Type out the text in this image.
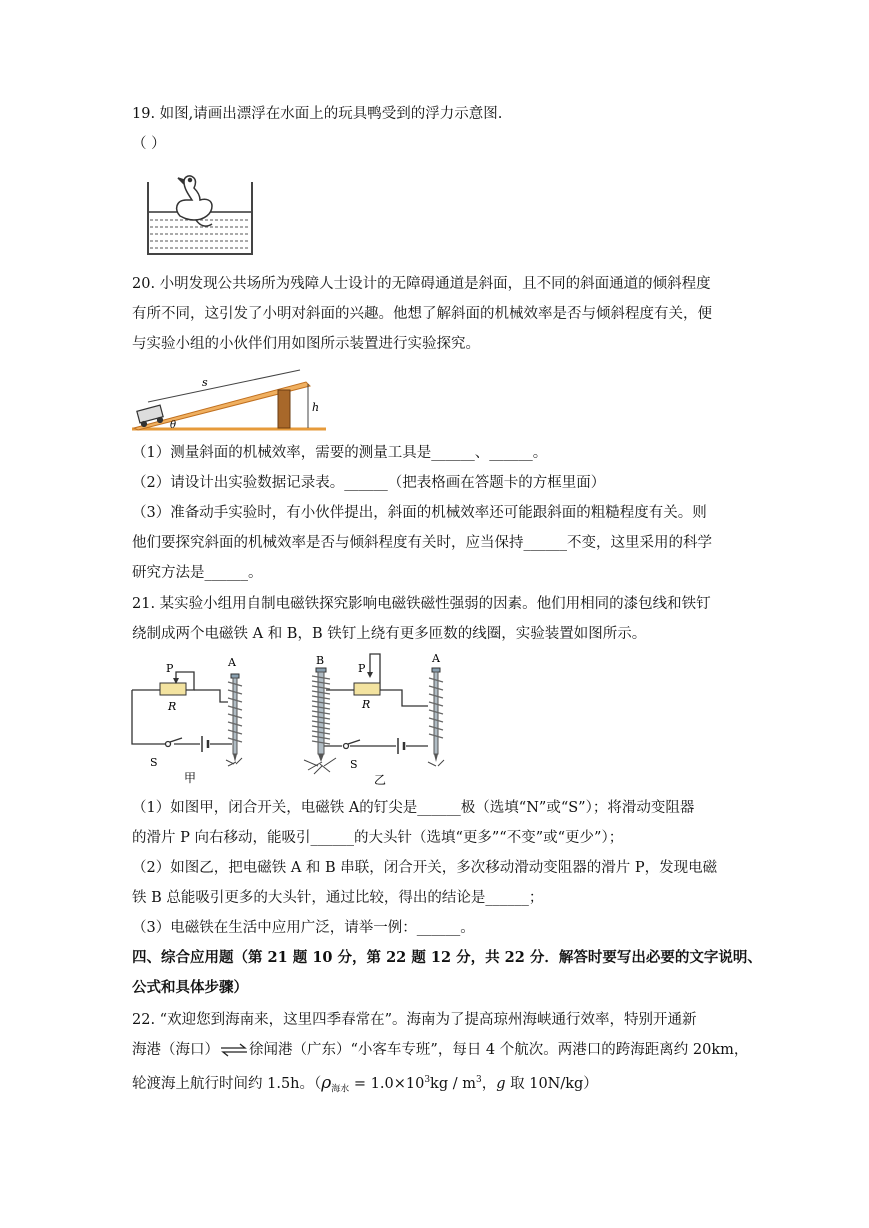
19. 如图,请画出漂浮在水面上的玩具鸭受到的浮力示意图.
（ ）
20. 小明发现公共场所为残障人士设计的无障碍通道是斜面，且不同的斜面通道的倾斜程度
有所不同，这引发了小明对斜面的兴趣。他想了解斜面的机械效率是否与倾斜程度有关，便
与实验小组的小伙伴们用如图所示装置进行实验探究。
s
h
θ
（1）测量斜面的机械效率，需要的测量工具是______、______。
（2）请设计出实验数据记录表。______（把表格画在答题卡的方框里面）
（3）准备动手实验时，有小伙伴提出，斜面的机械效率还可能跟斜面的粗糙程度有关。则
他们要探究斜面的机械效率是否与倾斜程度有关时，应当保持______不变，这里采用的科学
研究方法是______。
21. 某实验小组用自制电磁铁探究影响电磁铁磁性强弱的因素。他们用相同的漆包线和铁钉
绕制成两个电磁铁 A 和 B，B 铁钉上绕有更多匝数的线圈，实验装置如图所示。
P
R
S
A
甲
P
R
S
B	A
乙
（1）如图甲，闭合开关，电磁铁 A的钉尖是______极（选填“N”或“S”）；将滑动变阻器
的滑片 P 向右移动，能吸引______的大头针（选填“更多”“不变”或“更少”）；
（2）如图乙，把电磁铁 A 和 B 串联，闭合开关，多次移动滑动变阻器的滑片 P，发现电磁
铁 B 总能吸引更多的大头针，通过比较，得出的结论是______；
（3）电磁铁在生活中应用广泛，请举一例：______。
四、综合应用题（第 21 题 10 分，第 22 题 12 分，共 22 分．解答时要写出必要的文字说明、
公式和具体步骤）
22. “欢迎您到海南来，这里四季春常在”。海南为了提高琼州海峡通行效率，特别开通新
海港（海口）⇌徐闻港（广东）“小客车专班”，每日 4 个航次。两港口的跨海距离约 20km，
轮渡海上航行时间约 1.5h。（$\rho_{海水} = 1.0\times 10^3kg / m^3$，g 取 10N/kg）
